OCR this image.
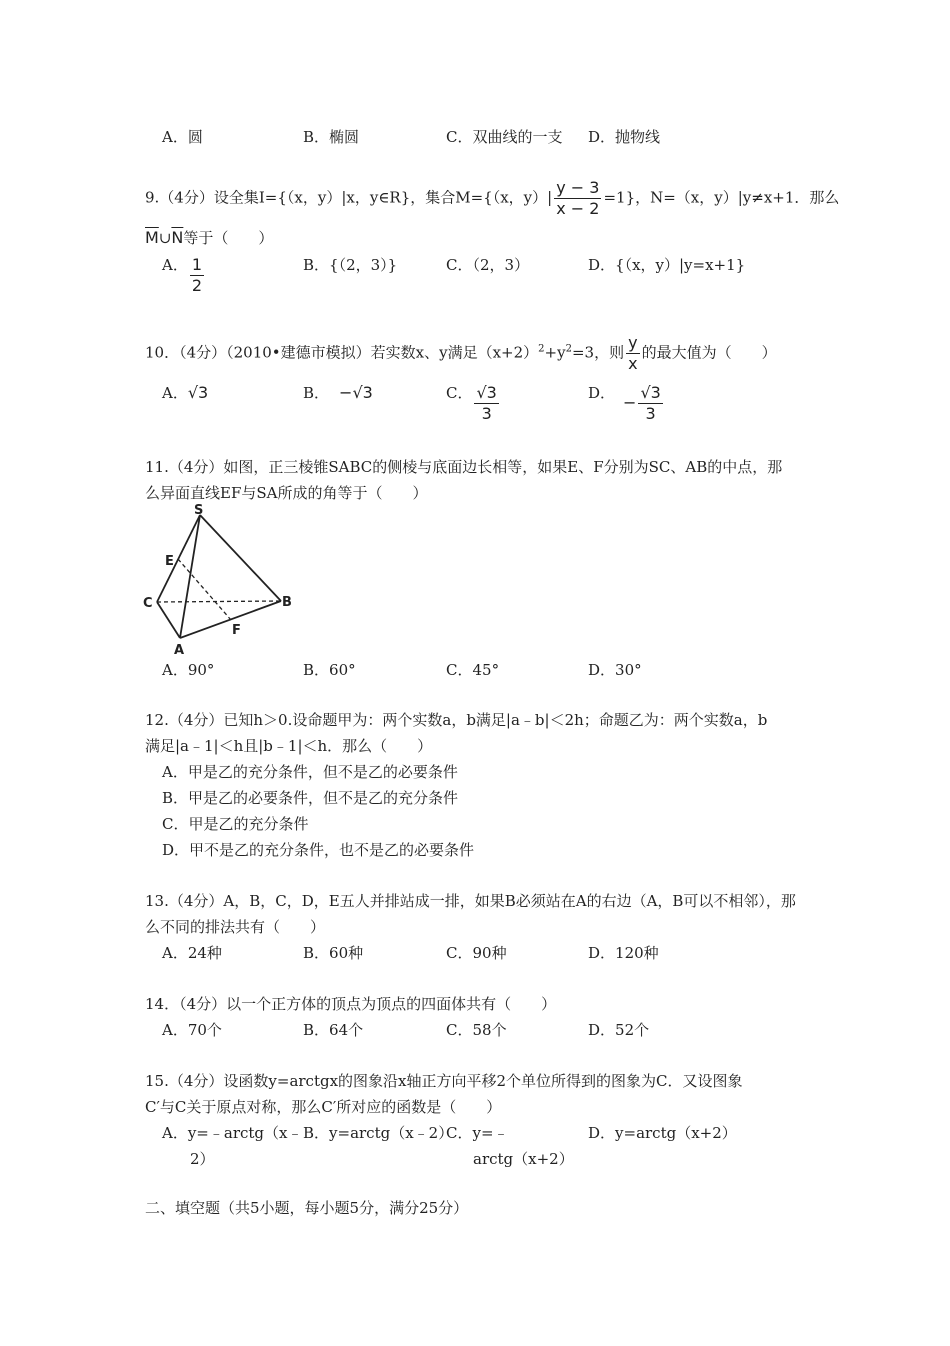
A．圆	B．椭圆	C．双曲线的一支 D．抛物线
9.（4分）设全集I={（x，y）|x，y∈R}，集合M={（x，$y)| \frac{y - 3}{x - 2} =1$}，N=（x，y）|y≠x+1．那么
$\overline{M}\cup\overline{N}$等于（　　）
A． $\frac{1}{2}$	B．{（2，3）}	C．（2，3）	D．{（x，y）|y=x+1}
10．（4分）（2010•建德市模拟）若实数x、y满足$(x+2)^2+y^2=3$，则 $\frac{y}{x}$ 的最大值为（　　）
A．√3	B． −√3	C． $\frac{√3}{3}$	D． − $\frac{√3}{3}$
11.（4分）如图，正三棱锥SABC的侧棱与底面边长相等，如果E、F分别为SC、AB的中点，那
么异面直线EF与SA所成的角等于（　　）
S
E
C	B
F
A
A．90°	B．60°	C．45°	D．30°
12.（4分）已知h＞0.设命题甲为：两个实数a，b满足|a﹣b|＜2h；命题乙为：两个实数a，b
满足|a﹣1|＜h且|b﹣1|＜h．那么（　　）
A．甲是乙的充分条件，但不是乙的必要条件
B．甲是乙的必要条件，但不是乙的充分条件
C．甲是乙的充分条件
D．甲不是乙的充分条件，也不是乙的必要条件
13.（4分）A，B，C，D，E五人并排站成一排，如果B必须站在A的右边（A，B可以不相邻），那
么不同的排法共有（　　）
A．24种	B．60种	C．90种	D．120种
14．（4分）以一个正方体的顶点为顶点的四面体共有（　　）
A．70个	B．64个	C．58个	D．52个
15.（4分）设函数y=arctgx的图象沿x轴正方向平移2个单位所得到的图象为C．又设图象
C′与C关于原点对称，那么C′所对应的函数是（　　）
A．y=﹣arctg（x﹣
2）
B．y=arctg（x﹣2）
C．y=﹣
arctg（x+2）
D．y=arctg（x+2）
二、填空题（共5小题，每小题5分，满分25分）
